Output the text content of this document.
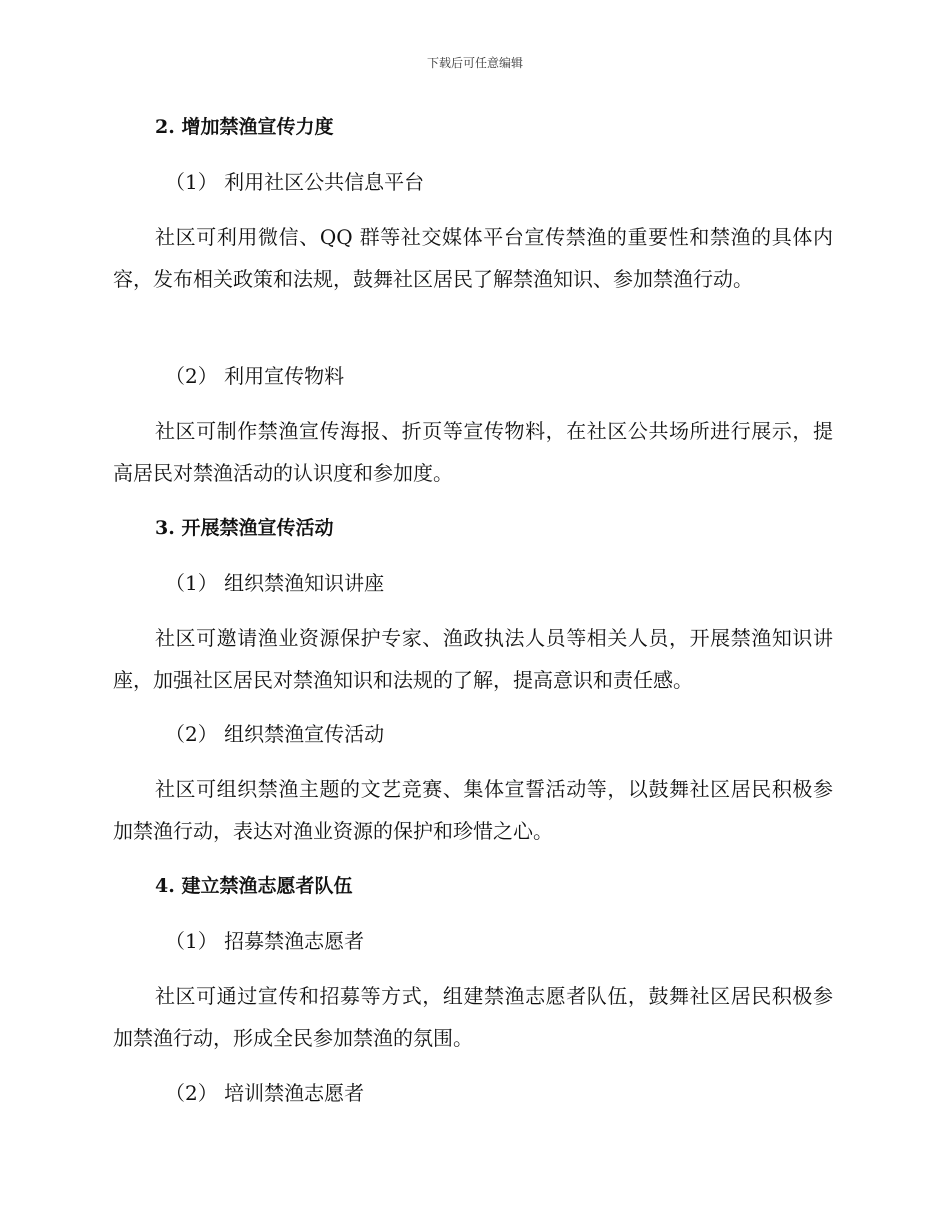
下载后可任意编辑
2. 增加禁渔宣传力度
（1） 利用社区公共信息平台
社区可利用微信、QQ 群等社交媒体平台宣传禁渔的重要性和禁渔的具体内容，发布相关政策和法规，鼓舞社区居民了解禁渔知识、参加禁渔行动。
（2） 利用宣传物料
社区可制作禁渔宣传海报、折页等宣传物料，在社区公共场所进行展示，提高居民对禁渔活动的认识度和参加度。
3. 开展禁渔宣传活动
（1） 组织禁渔知识讲座
社区可邀请渔业资源保护专家、渔政执法人员等相关人员，开展禁渔知识讲座，加强社区居民对禁渔知识和法规的了解，提高意识和责任感。
（2） 组织禁渔宣传活动
社区可组织禁渔主题的文艺竞赛、集体宣誓活动等，以鼓舞社区居民积极参加禁渔行动，表达对渔业资源的保护和珍惜之心。
4. 建立禁渔志愿者队伍
（1） 招募禁渔志愿者
社区可通过宣传和招募等方式，组建禁渔志愿者队伍，鼓舞社区居民积极参加禁渔行动，形成全民参加禁渔的氛围。
（2） 培训禁渔志愿者
